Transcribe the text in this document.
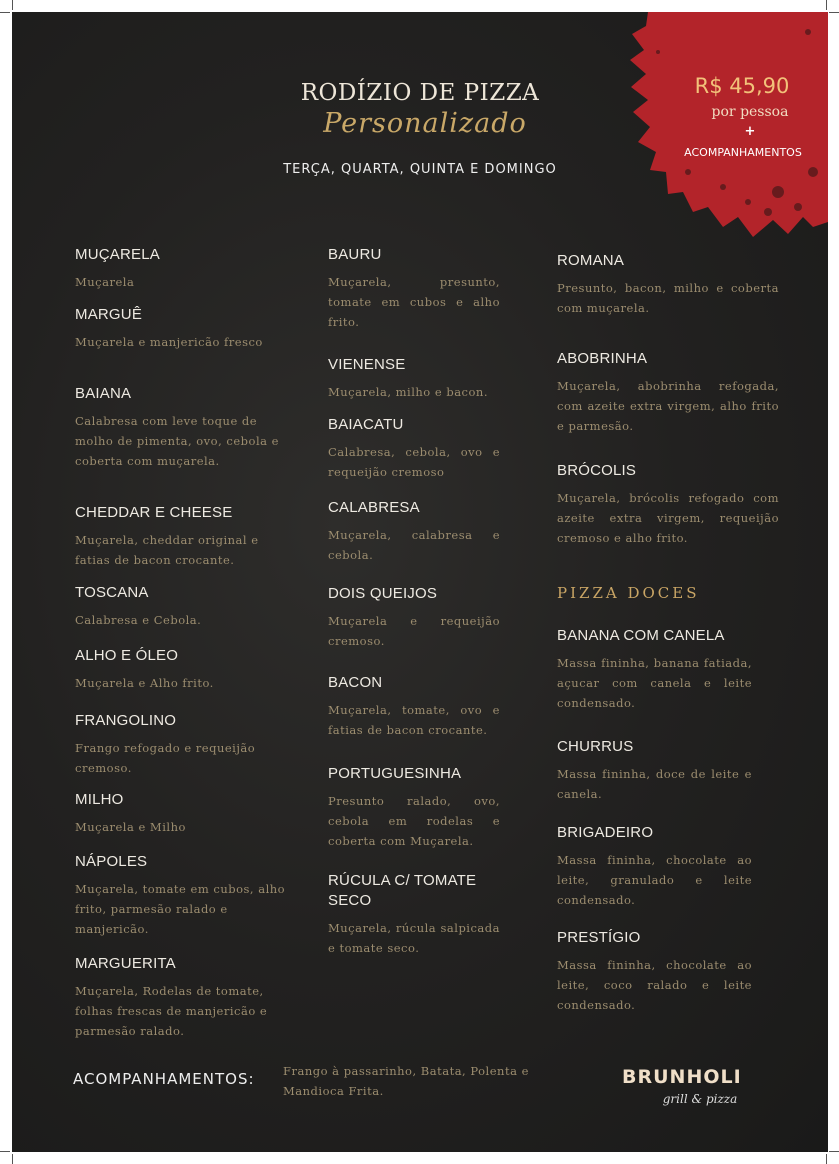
RODÍZIO DE PIZZA
Personalizado
TERÇA, QUARTA, QUINTA E DOMINGO
R$ 45,90
por pessoa
+
ACOMPANHAMENTOS
MUÇARELA

Muçarela

MARGUÊ

Muçarela e manjericão fresco

BAIANA

Calabresa com leve toque de molho de pimenta, ovo, cebola e coberta com muçarela.

CHEDDAR E CHEESE

Muçarela, cheddar original e fatias de bacon crocante.

TOSCANA

Calabresa e Cebola.

ALHO E ÓLEO

Muçarela e Alho frito.

FRANGOLINO

Frango refogado e requeijão cremoso.

MILHO

Muçarela e Milho

NÁPOLES

Muçarela, tomate em cubos, alho frito, parmesão ralado e manjericão.

MARGUERITA

Muçarela, Rodelas de tomate, folhas frescas de manjericão e parmesão ralado.

BAURU

Muçarela, presunto, tomate em cubos e alho frito.

VIENENSE

Muçarela, milho e bacon.

BAIACATU

Calabresa, cebola, ovo e requeijão cremoso

CALABRESA

Muçarela, calabresa e cebola.

DOIS QUEIJOS

Muçarela e requeijão cremoso.

BACON

Muçarela, tomate, ovo e fatias de bacon crocante.

PORTUGUESINHA

Presunto ralado, ovo, cebola em rodelas e coberta com Muçarela.

RÚCULA C/ TOMATE SECO

Muçarela, rúcula salpicada e tomate seco.

ROMANA

Presunto, bacon, milho e coberta com muçarela.

ABOBRINHA

Muçarela, abobrinha refogada, com azeite extra virgem, alho frito e parmesão.

BRÓCOLIS

Muçarela, brócolis refogado com azeite extra virgem, requeijão cremoso e alho frito.

BANANA COM CANELA

Massa fininha, banana fatiada, açucar com canela e leite condensado.

CHURRUS

Massa fininha, doce de leite e canela.

BRIGADEIRO

Massa fininha, chocolate ao leite, granulado e leite condensado.

PRESTÍGIO

Massa fininha, chocolate ao leite, coco ralado e leite condensado.

PIZZA DOCES
ACOMPANHAMENTOS: Frango à passarinho, Batata, Polenta e Mandioca Frita.
BRUNHOLI
grill & pizza
